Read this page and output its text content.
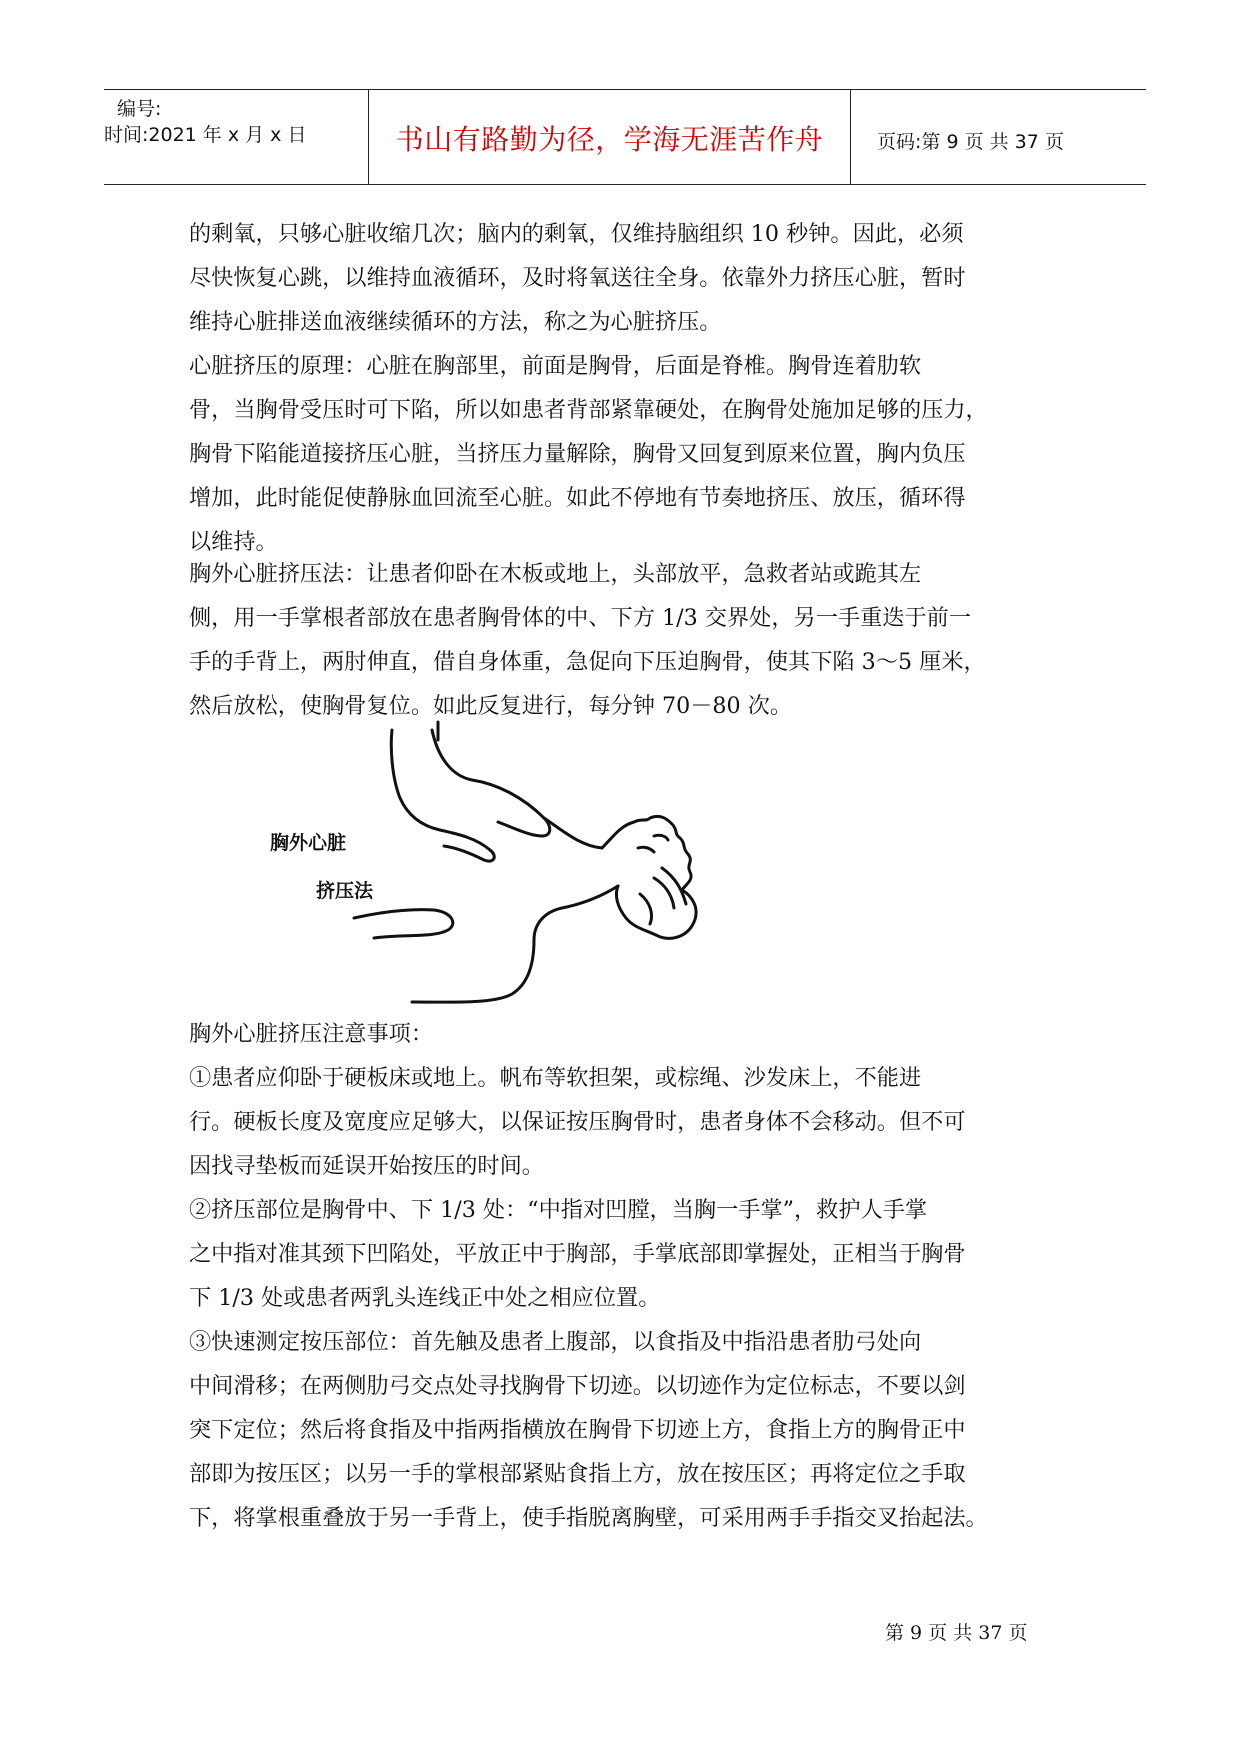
编号:
时间:2021 年 x 月 x 日	书山有路勤为径，学海无涯苦作舟	页码:第 9 页 共 37 页

的剩氧，只够心脏收缩几次；脑内的剩氧，仅维持脑组织 10 秒钟。因此，必须
尽快恢复心跳，以维持血液循环，及时将氧送往全身。依靠外力挤压心脏，暂时
维持心脏排送血液继续循环的方法，称之为心脏挤压。

心脏挤压的原理：心脏在胸部里，前面是胸骨，后面是脊椎。胸骨连着肋软
骨，当胸骨受压时可下陷，所以如患者背部紧靠硬处，在胸骨处施加足够的压力，
胸骨下陷能道接挤压心脏，当挤压力量解除，胸骨又回复到原来位置，胸内负压
增加，此时能促使静脉血回流至心脏。如此不停地有节奏地挤压、放压，循环得
以维持。

胸外心脏挤压法：让患者仰卧在木板或地上，头部放平，急救者站或跪其左
侧，用一手掌根者部放在患者胸骨体的中、下方 1/3 交界处，另一手重迭于前一
手的手背上，两肘伸直，借自身体重，急促向下压迫胸骨，使其下陷 3～5 厘米，
然后放松，使胸骨复位。如此反复进行，每分钟 70－80 次。

胸外心脏
挤压法

胸外心脏挤压注意事项：

①患者应仰卧于硬板床或地上。帆布等软担架，或棕绳、沙发床上，不能进
行。硬板长度及宽度应足够大，以保证按压胸骨时，患者身体不会移动。但不可
因找寻垫板而延误开始按压的时间。

②挤压部位是胸骨中、下 1/3 处：“中指对凹膛，当胸一手掌”，救护人手掌
之中指对准其颈下凹陷处，平放正中于胸部，手掌底部即掌握处，正相当于胸骨
下 1/3 处或患者两乳头连线正中处之相应位置。

③快速测定按压部位：首先触及患者上腹部，以食指及中指沿患者肋弓处向
中间滑移；在两侧肋弓交点处寻找胸骨下切迹。以切迹作为定位标志，不要以剑
突下定位；然后将食指及中指两指横放在胸骨下切迹上方，食指上方的胸骨正中
部即为按压区；以另一手的掌根部紧贴食指上方，放在按压区；再将定位之手取
下，将掌根重叠放于另一手背上，使手指脱离胸壁，可采用两手手指交叉抬起法。

第 9 页 共 37 页
